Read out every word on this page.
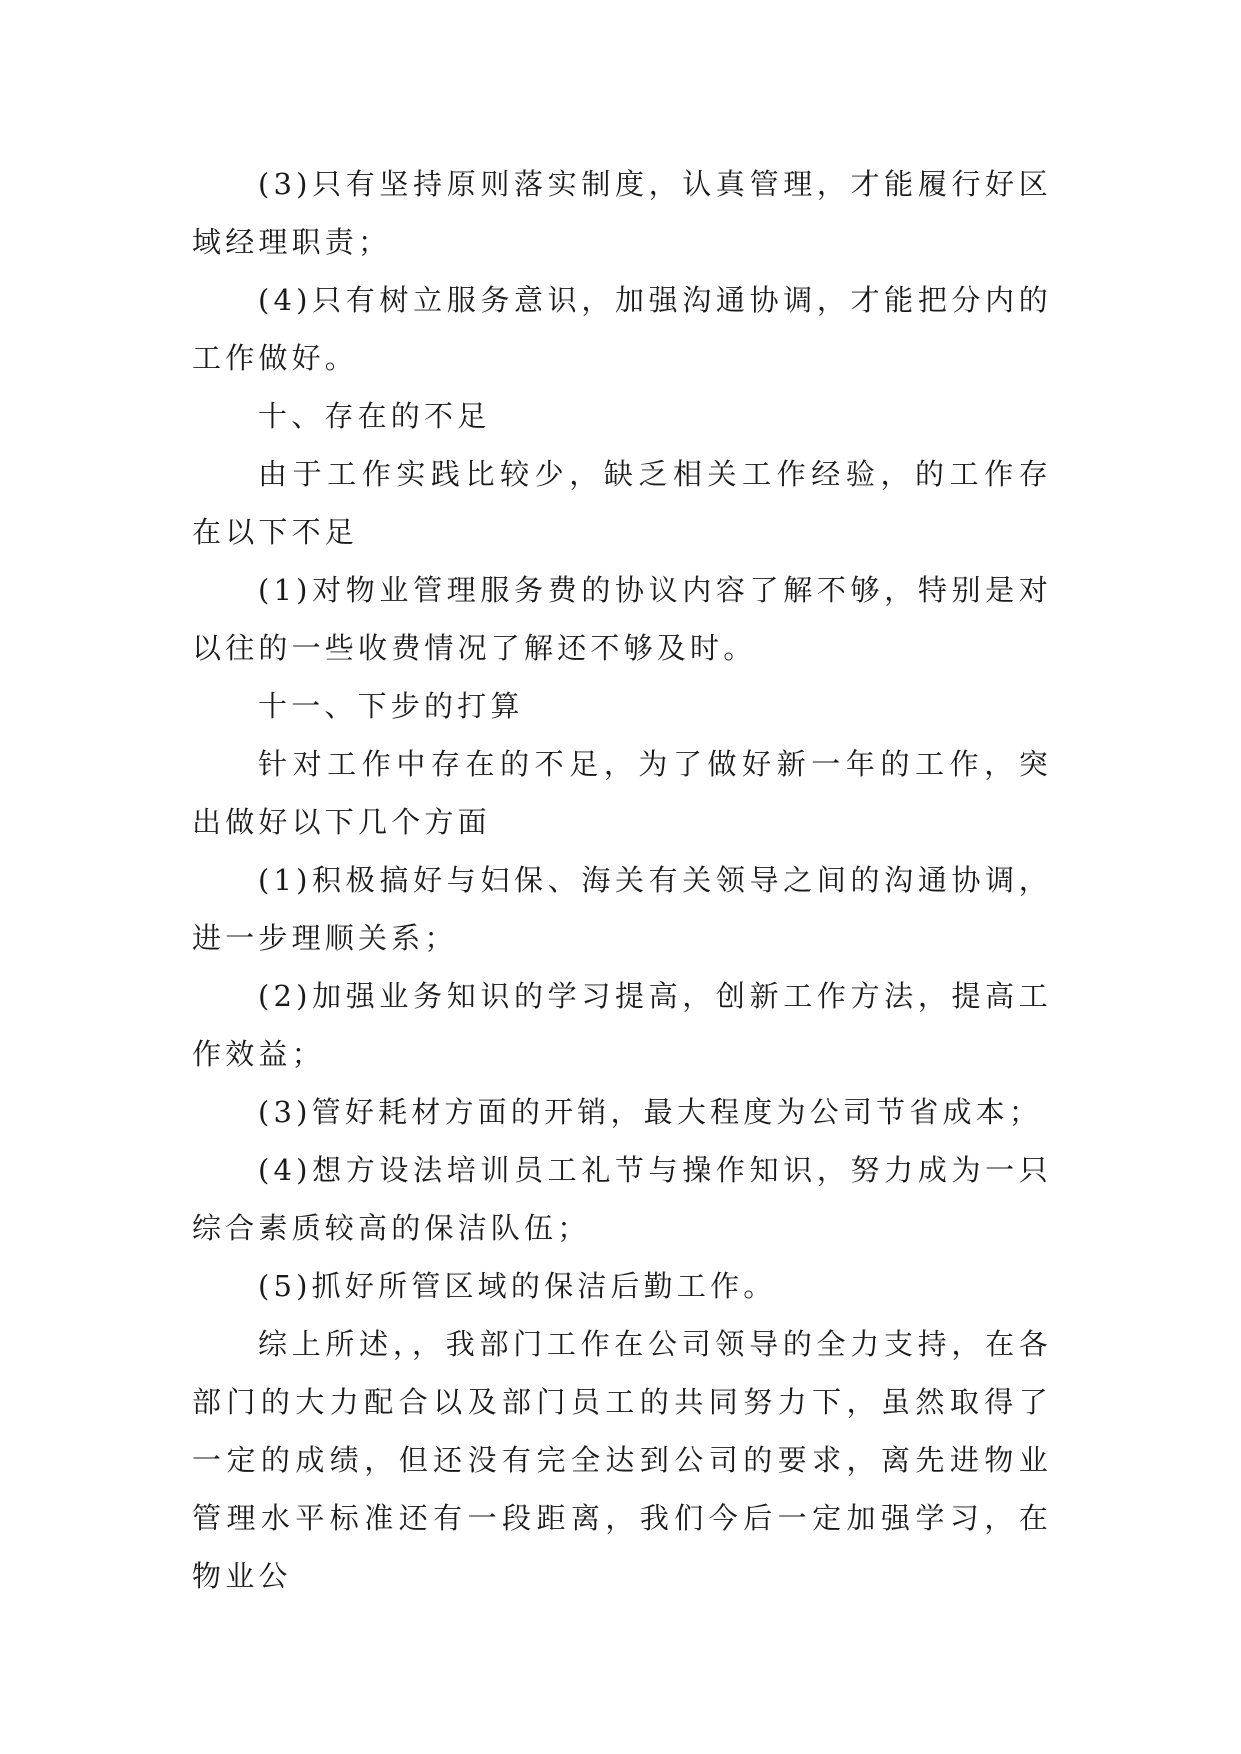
(3)只有坚持原则落实制度，认真管理，才能履行好区域经理职责；

(4)只有树立服务意识，加强沟通协调，才能把分内的工作做好。

十、存在的不足

由于工作实践比较少，缺乏相关工作经验，的工作存在以下不足

(1)对物业管理服务费的协议内容了解不够，特别是对以往的一些收费情况了解还不够及时。

十一、下步的打算

针对工作中存在的不足，为了做好新一年的工作，突出做好以下几个方面

(1)积极搞好与妇保、海关有关领导之间的沟通协调，进一步理顺关系；

(2)加强业务知识的学习提高，创新工作方法，提高工作效益；

(3)管好耗材方面的开销，最大程度为公司节省成本；

(4)想方设法培训员工礼节与操作知识，努力成为一只综合素质较高的保洁队伍；

(5)抓好所管区域的保洁后勤工作。

综上所述，，我部门工作在公司领导的全力支持，在各部门的大力配合以及部门员工的共同努力下，虽然取得了一定的成绩，但还没有完全达到公司的要求，离先进物业管理水平标准还有一段距离，我们今后一定加强学习，在物业公
